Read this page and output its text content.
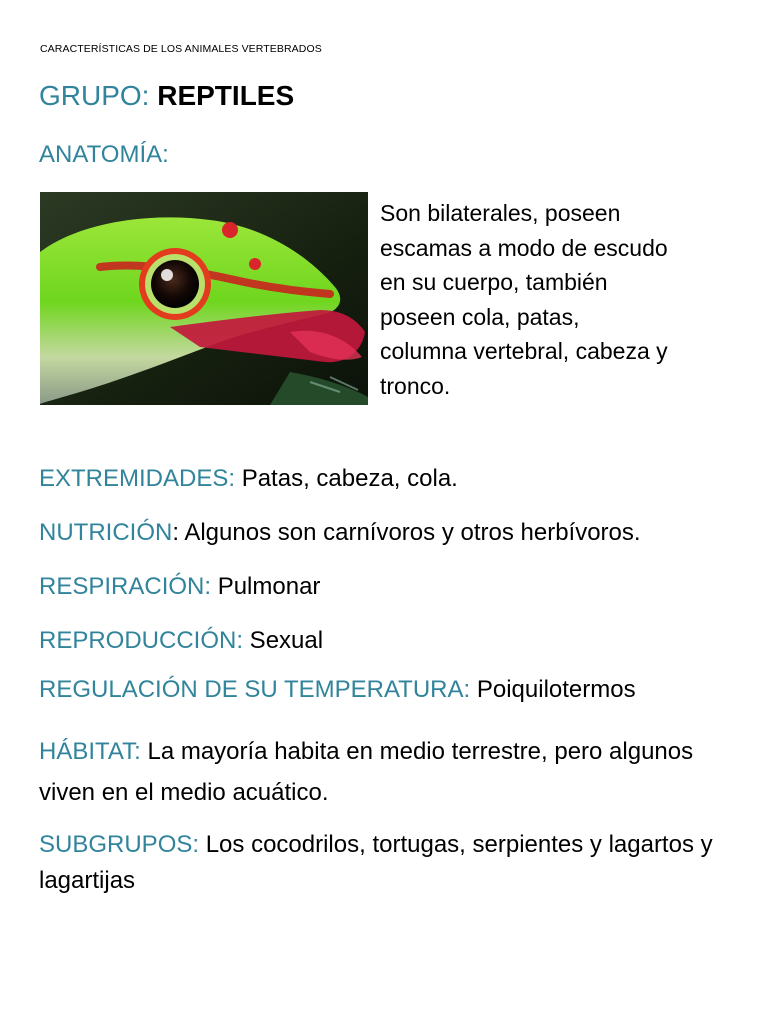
CARACTERÍSTICAS DE LOS ANIMALES VERTEBRADOS
GRUPO: REPTILES
ANATOMÍA:
Son bilaterales, poseen
escamas a modo de escudo
en su cuerpo, también
poseen cola, patas,
columna vertebral, cabeza y
tronco.
EXTREMIDADES: Patas, cabeza, cola.
NUTRICIÓN: Algunos son carnívoros y otros herbívoros.
RESPIRACIÓN: Pulmonar
REPRODUCCIÓN: Sexual
REGULACIÓN DE SU TEMPERATURA: Poiquilotermos
HÁBITAT: La mayoría habita en medio terrestre, pero algunos viven en el medio acuático.
SUBGRUPOS: Los cocodrilos, tortugas, serpientes y lagartos y lagartijas
